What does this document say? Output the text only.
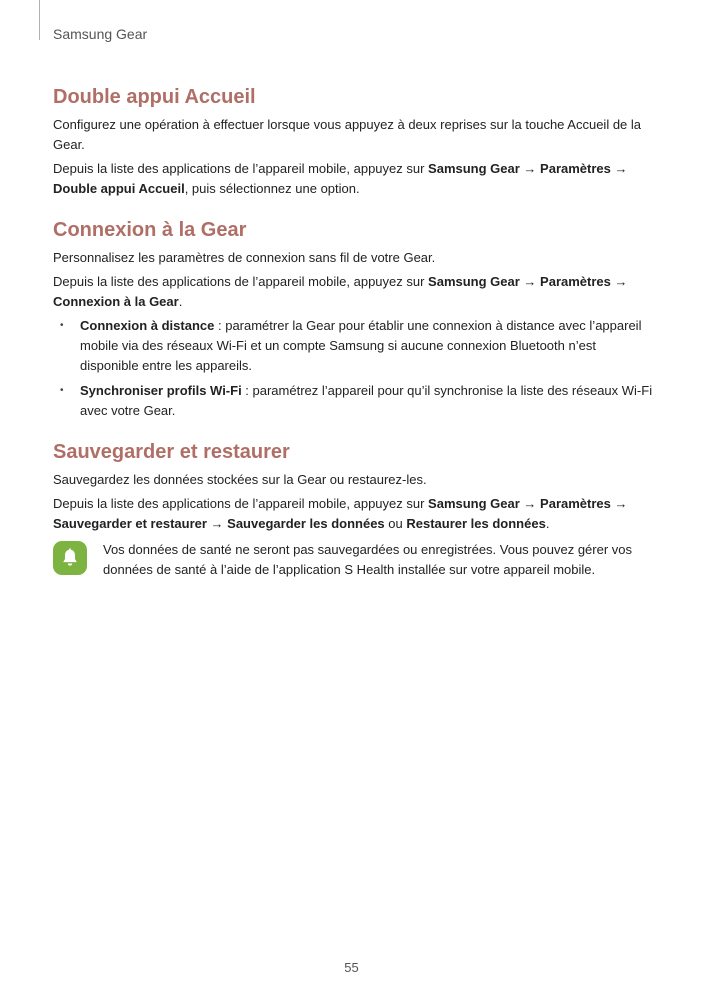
Samsung Gear
Double appui Accueil

Configurez une opération à effectuer lorsque vous appuyez à deux reprises sur la touche Accueil de la Gear.

Depuis la liste des applications de l’appareil mobile, appuyez sur Samsung Gear → Paramètres → Double appui Accueil, puis sélectionnez une option.

Connexion à la Gear

Personnalisez les paramètres de connexion sans fil de votre Gear.

Depuis la liste des applications de l’appareil mobile, appuyez sur Samsung Gear → Paramètres → Connexion à la Gear.

• Connexion à distance : paramétrer la Gear pour établir une connexion à distance avec l’appareil mobile via des réseaux Wi-Fi et un compte Samsung si aucune connexion Bluetooth n’est disponible entre les appareils.
• Synchroniser profils Wi-Fi : paramétrez l’appareil pour qu’il synchronise la liste des réseaux Wi-Fi avec votre Gear.
Sauvegarder et restaurer

Sauvegardez les données stockées sur la Gear ou restaurez-les.

Depuis la liste des applications de l’appareil mobile, appuyez sur Samsung Gear → Paramètres → Sauvegarder et restaurer → Sauvegarder les données ou Restaurer les données.

Vos données de santé ne seront pas sauvegardées ou enregistrées. Vous pouvez gérer vos données de santé à l’aide de l’application S Health installée sur votre appareil mobile.
55
